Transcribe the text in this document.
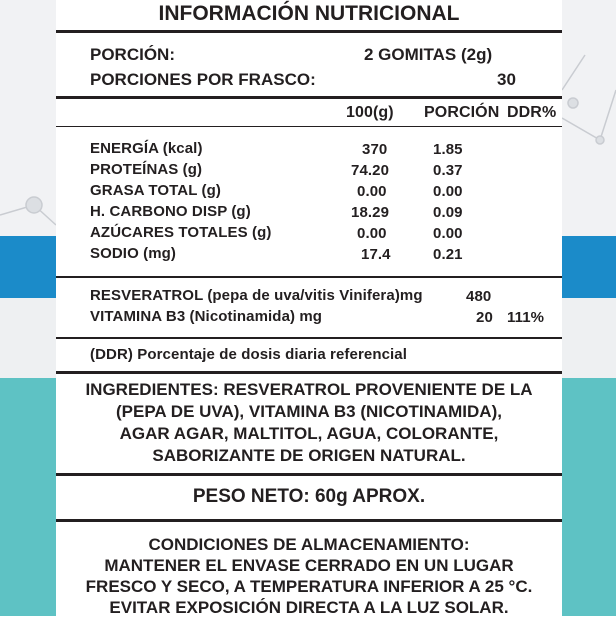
INFORMACIÓN NUTRICIONAL
PORCIÓN:	2 GOMITAS (2g)
PORCIONES POR FRASCO:	30
100(g) PORCIÓN DDR%
ENERGÍA (kcal)	370	1.85
PROTEÍNAS (g)	74.20	0.37
GRASA TOTAL (g)	0.00	0.00
H. CARBONO DISP (g)	18.29	0.09
AZÚCARES TOTALES (g)	0.00	0.00
SODIO (mg)	17.4	0.21
RESVERATROL (pepa de uva/vitis Vinifera)mg	480
VITAMINA B3 (Nicotinamida) mg	20 111%
(DDR) Porcentaje de dosis diaria referencial
INGREDIENTES: RESVERATROL PROVENIENTE DE LA
(PEPA DE UVA), VITAMINA B3 (NICOTINAMIDA),
AGAR AGAR, MALTITOL, AGUA, COLORANTE,
SABORIZANTE DE ORIGEN NATURAL.
PESO NETO: 60g APROX.
CONDICIONES DE ALMACENAMIENTO:
MANTENER EL ENVASE CERRADO EN UN LUGAR
FRESCO Y SECO, A TEMPERATURA INFERIOR A 25 °C.
EVITAR EXPOSICIÓN DIRECTA A LA LUZ SOLAR.
